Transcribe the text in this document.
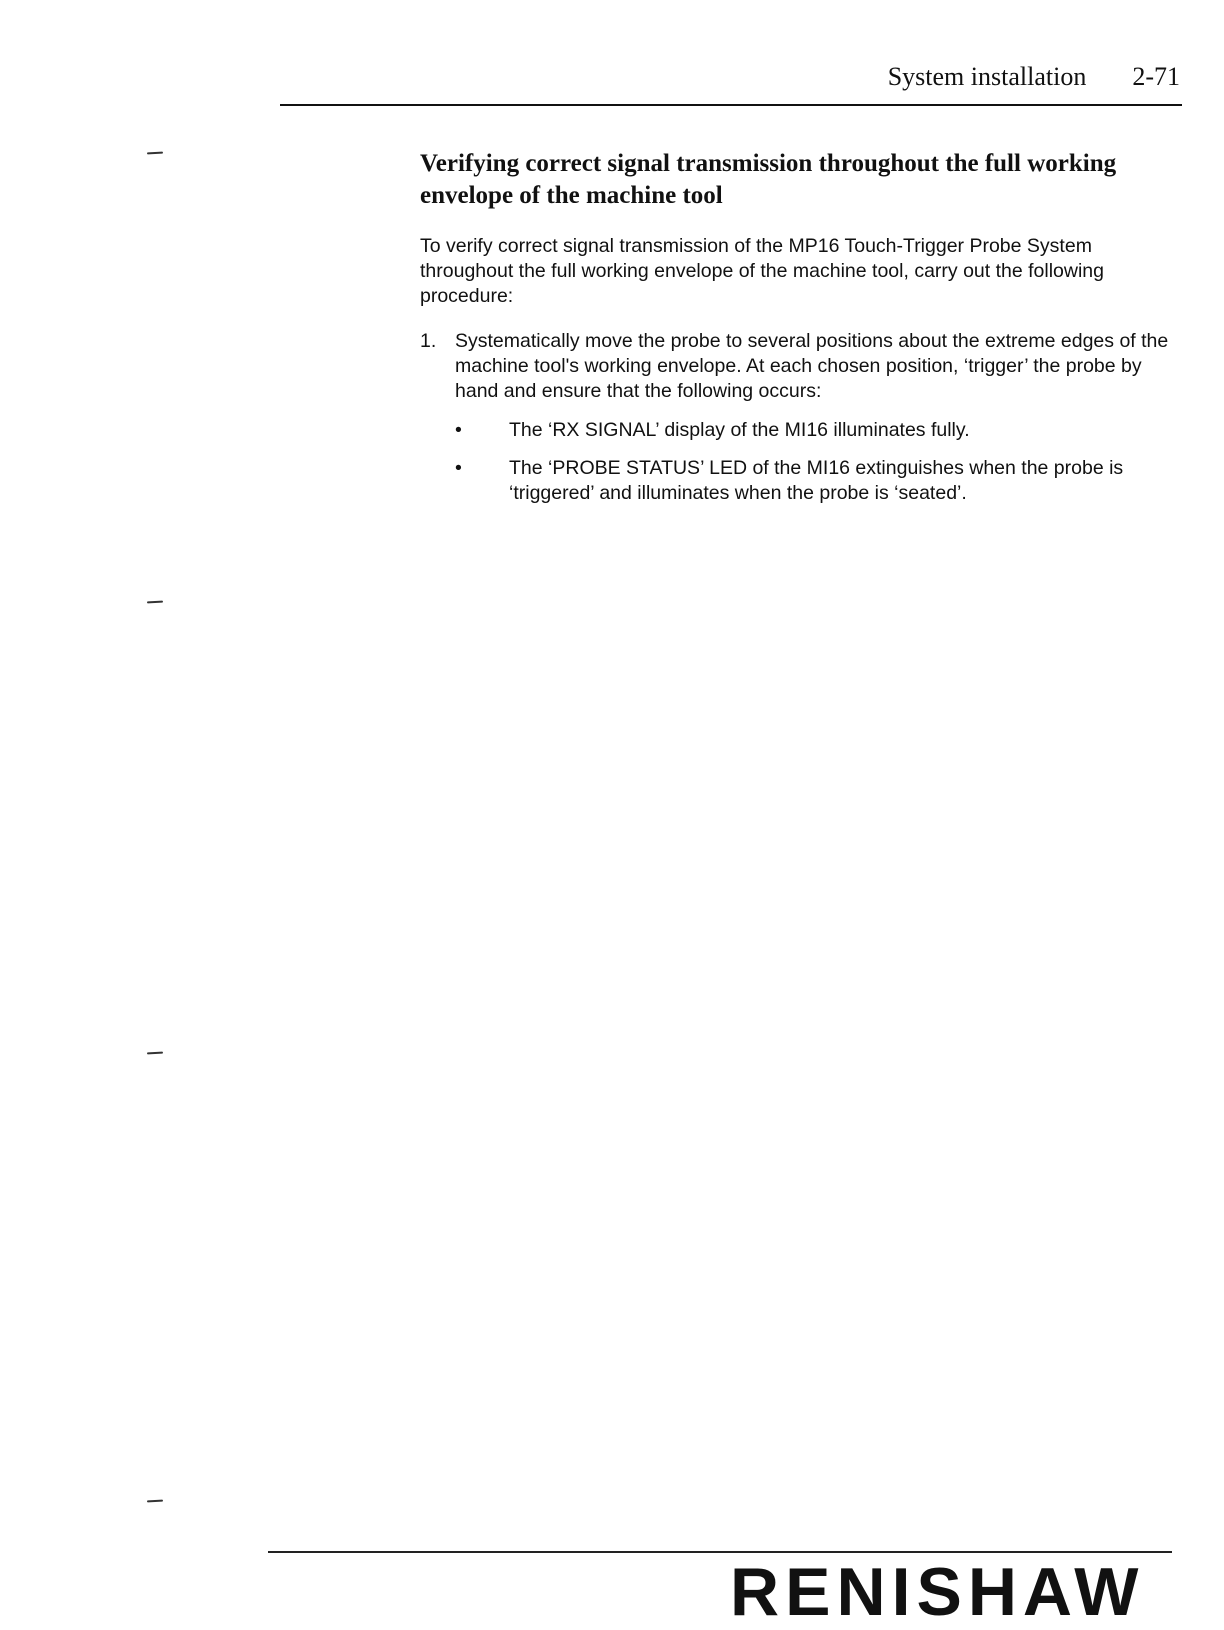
System installation 2-71
Verifying correct signal transmission throughout the full working envelope of the machine tool

To verify correct signal transmission of the MP16 Touch-Trigger Probe System throughout the full working envelope of the machine tool, carry out the following procedure:

1. Systematically move the probe to several positions about the extreme edges of the machine tool's working envelope. At each chosen position, ‘trigger’ the probe by hand and ensure that the following occurs:

•	The ‘RX SIGNAL’ display of the MI16 illuminates fully.
•	The ‘PROBE STATUS’ LED of the MI16 extinguishes when the probe is ‘triggered’ and illuminates when the probe is ‘seated’.
RENISHAW
